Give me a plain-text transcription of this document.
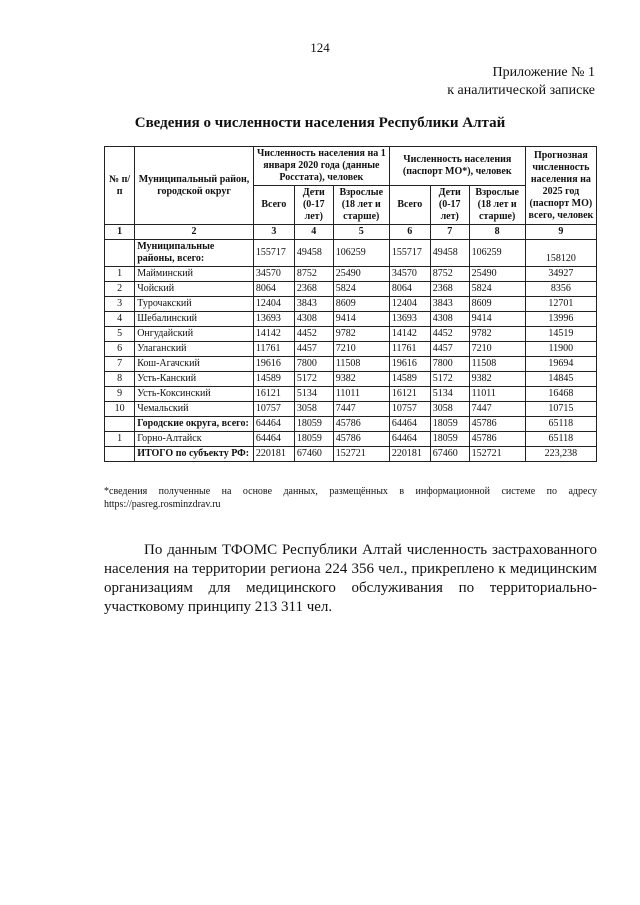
124
Приложение № 1
к аналитической записке
Сведения о численности населения Республики Алтай
№ п/п	Муниципальный район, городской округ	Численность населения на 1 января 2020 года (данные Росстата), человек			Численность населения (паспорт МО*), человек			Прогнозная численность населения на 2025 год (паспорт МО) всего, человек
		Всего	Дети (0-17 лет)	Взрослые (18 лет и старше)	Всего	Дети (0-17 лет)	Взрослые (18 лет и старше)	
1	2	3	4	5	6	7	8	9
	Муниципальные районы, всего:	155717	49458	106259	155717	49458	106259	158120
1	Майминский	34570	8752	25490	34570	8752	25490	34927
2	Чойский	8064	2368	5824	8064	2368	5824	8356
3	Турочакский	12404	3843	8609	12404	3843	8609	12701
4	Шебалинский	13693	4308	9414	13693	4308	9414	13996
5	Онгудайский	14142	4452	9782	14142	4452	9782	14519
6	Улаганский	11761	4457	7210	11761	4457	7210	11900
7	Кош-Агачский	19616	7800	11508	19616	7800	11508	19694
8	Усть-Канский	14589	5172	9382	14589	5172	9382	14845
9	Усть-Коксинский	16121	5134	11011	16121	5134	11011	16468
10	Чемальский	10757	3058	7447	10757	3058	7447	10715
	Городские округа, всего:	64464	18059	45786	64464	18059	45786	65118
1	Горно-Алтайск	64464	18059	45786	64464	18059	45786	65118
	ИТОГО по субъекту РФ:	220181	67460	152721	220181	67460	152721	223,238
*сведения полученные на основе данных, размещённых в информационной системе по адресу https://pasreg.rosminzdrav.ru
По данным ТФОМС Республики Алтай численность застрахованного населения на территории региона 224 356 чел., прикреплено к медицинским организациям для медицинского обслуживания по территориально-участковому принципу 213 311 чел.
